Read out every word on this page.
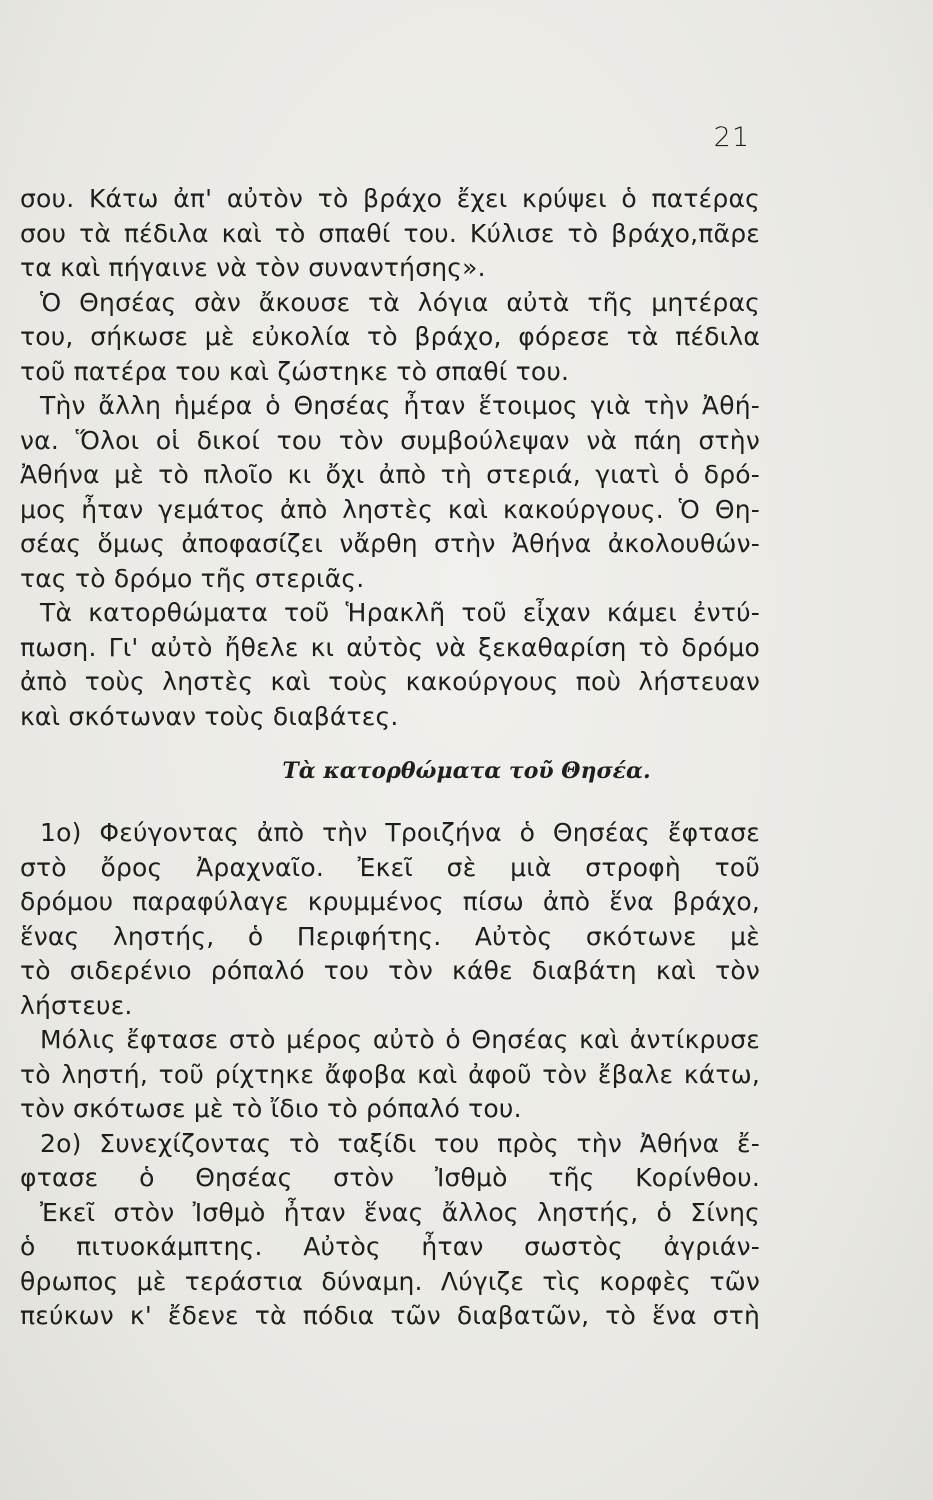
21
σου. Κάτω ἀπ' αὐτὸν τὸ βράχο ἔχει κρύψει ὁ πατέρας
σου τὰ πέδιλα καὶ τὸ σπαθί του. Κύλισε τὸ βράχο,πᾶρε
τα καὶ πήγαινε νὰ τὸν συναντήσης».
Ὁ Θησέας σὰν ἄκουσε τὰ λόγια αὐτὰ τῆς μητέρας
του, σήκωσε μὲ εὐκολία τὸ βράχο, φόρεσε τὰ πέδιλα
τοῦ πατέρα του καὶ ζώστηκε τὸ σπαθί του.
Τὴν ἄλλη ἡμέρα ὁ Θησέας ἦταν ἕτοιμος γιὰ τὴν Ἀθή-
να. Ὅλοι οἱ δικοί του τὸν συμβούλεψαν νὰ πάη στὴν
Ἀθήνα μὲ τὸ πλοῖο κι ὄχι ἀπὸ τὴ στεριά, γιατὶ ὁ δρό-
μος ἦταν γεμάτος ἀπὸ ληστὲς καὶ κακούργους. Ὁ Θη-
σέας ὅμως ἀποφασίζει νἄρθη στὴν Ἀθήνα ἀκολουθών-
τας τὸ δρόμο τῆς στεριᾶς.
Τὰ κατορθώματα τοῦ Ἡρακλῆ τοῦ εἶχαν κάμει ἐντύ-
πωση. Γι' αὐτὸ ἤθελε κι αὐτὸς νὰ ξεκαθαρίση τὸ δρόμο
ἀπὸ τοὺς ληστὲς καὶ τοὺς κακούργους ποὺ λήστευαν
καὶ σκότωναν τοὺς διαβάτες.
Τὰ κατορθώματα τοῦ Θησέα.
1ο) Φεύγοντας ἀπὸ τὴν Τροιζήνα ὁ Θησέας ἔφτασε
στὸ ὄρος Ἀραχναῖο. Ἐκεῖ σὲ μιὰ στροφὴ τοῦ
δρόμου παραφύλαγε κρυμμένος πίσω ἀπὸ ἕνα βράχο,
ἕνας ληστής, ὁ Περιφήτης. Αὐτὸς σκότωνε μὲ
τὸ σιδερένιο ρόπαλό του τὸν κάθε διαβάτη καὶ τὸν
λήστευε.
Μόλις ἔφτασε στὸ μέρος αὐτὸ ὁ Θησέας καὶ ἀντίκρυσε
τὸ ληστή, τοῦ ρίχτηκε ἄφοβα καὶ ἀφοῦ τὸν ἔβαλε κάτω,
τὸν σκότωσε μὲ τὸ ἴδιο τὸ ρόπαλό του.
2ο) Συνεχίζοντας τὸ ταξίδι του πρὸς τὴν Ἀθήνα ἔ-
φτασε ὁ Θησέας στὸν Ἰσθμὸ τῆς Κορίνθου.
Ἐκεῖ στὸν Ἰσθμὸ ἦταν ἕνας ἄλλος ληστής, ὁ Σίνης
ὁ πιτυοκάμπτης. Αὐτὸς ἦταν σωστὸς ἀγριάν-
θρωπος μὲ τεράστια δύναμη. Λύγιζε τὶς κορφὲς τῶν
πεύκων κ' ἔδενε τὰ πόδια τῶν διαβατῶν, τὸ ἕνα στὴ
